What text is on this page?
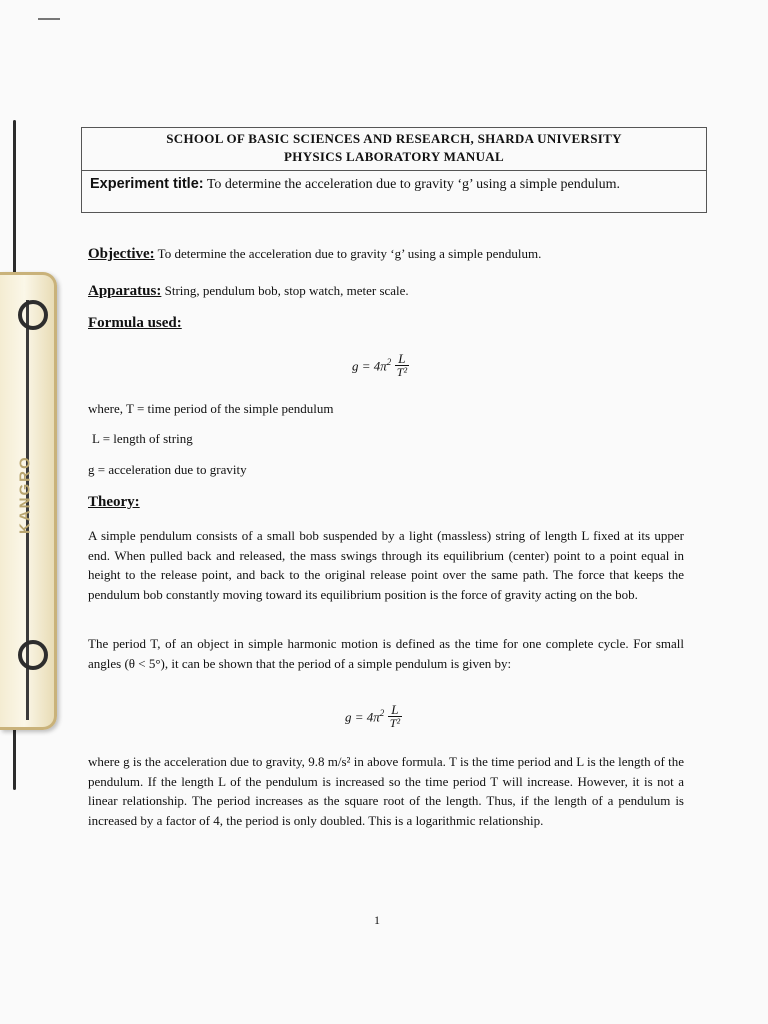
KANGRO
SCHOOL OF BASIC SCIENCES AND RESEARCH, SHARDA UNIVERSITY
PHYSICS LABORATORY MANUAL
Experiment title: To determine the acceleration due to gravity ‘g’ using a simple pendulum.
Objective: To determine the acceleration due to gravity ‘g’ using a simple pendulum.
Apparatus: String, pendulum bob, stop watch, meter scale.
Formula used:
$g = 4\pi^2 \frac{L}{\text{T²}}$
where, T = time period of the simple pendulum
L = length of string
g = acceleration due to gravity
Theory:
A simple pendulum consists of a small bob suspended by a light (massless) string of length L fixed at its upper end. When pulled back and released, the mass swings through its equilibrium (center) point to a point equal in height to the release point, and back to the original release point over the same path. The force that keeps the pendulum bob constantly moving toward its equilibrium position is the force of gravity acting on the bob.
The period T, of an object in simple harmonic motion is defined as the time for one complete cycle. For small angles (θ < 5°), it can be shown that the period of a simple pendulum is given by:
$g = 4\pi^2 \frac{L}{\text{T²}}$
where g is the acceleration due to gravity, 9.8 m/s² in above formula. T is the time period and L is the length of the pendulum. If the length L of the pendulum is increased so the time period T will increase. However, it is not a linear relationship. The period increases as the square root of the length. Thus, if the length of a pendulum is increased by a factor of 4, the period is only doubled. This is a logarithmic relationship.
1
